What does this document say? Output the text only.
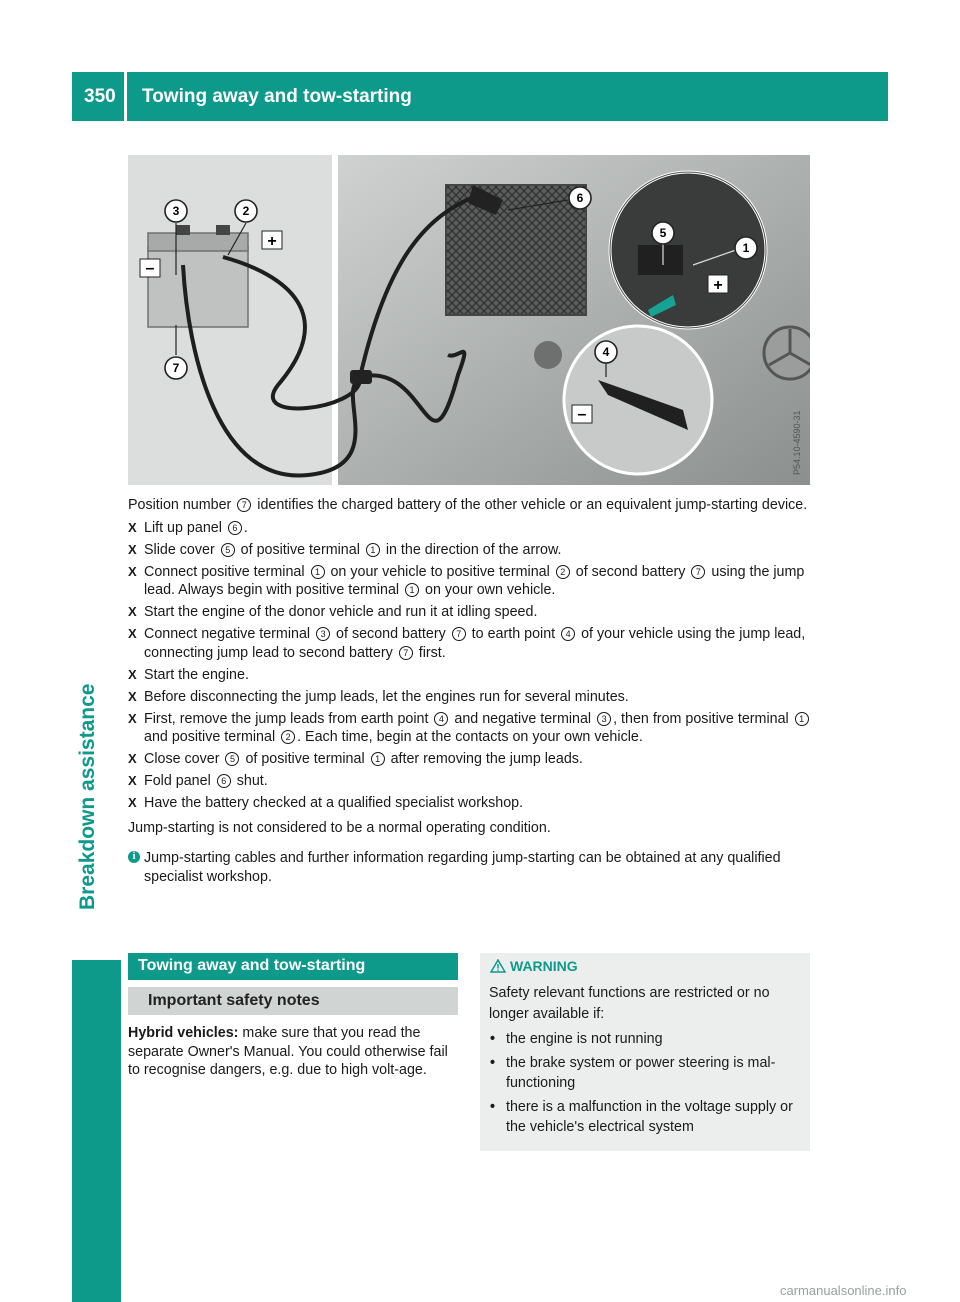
350 Towing away and tow-starting
Breakdown assistance
+
–
+
–
3	2
7
6
5
1
4
P54.10-4590-31

Position number 7 identifies the charged battery of the other vehicle or an equivalent jump-starting device.

X Lift up panel 6 .
X Slide cover 5 of positive terminal 1 in the direction of the arrow.
X Connect positive terminal 1 on your vehicle to positive terminal 2 of second battery 7 using the jump lead. Always begin with positive terminal 1 on your own vehicle.
X Start the engine of the donor vehicle and run it at idling speed.
X Connect negative terminal 3 of second battery 7 to earth point 4 of your vehicle using the jump lead, connecting jump lead to second battery 7 first.
X Start the engine.
X Before disconnecting the jump leads, let the engines run for several minutes.
X First, remove the jump leads from earth point 4 and negative terminal 3 , then from positive terminal 1 and positive terminal 2 . Each time, begin at the contacts on your own vehicle.
X Close cover 5 of positive terminal 1 after removing the jump leads.
X Fold panel 6 shut.
X Have the battery checked at a qualified specialist workshop.

Jump-starting is not considered to be a normal operating condition.

i Jump-starting cables and further information regarding jump-starting can be obtained at any qualified specialist workshop.
Towing away and tow-starting
Important safety notes
Hybrid vehicles: make sure that you read the separate Owner's Manual. You could otherwise fail to recognise dangers, e.g. due to high volt-age.
WARNING
Safety relevant functions are restricted or no longer available if:
• the engine is not running
• the brake system or power steering is mal-functioning
• there is a malfunction in the voltage supply or the vehicle's electrical system
carmanualsonline.info
